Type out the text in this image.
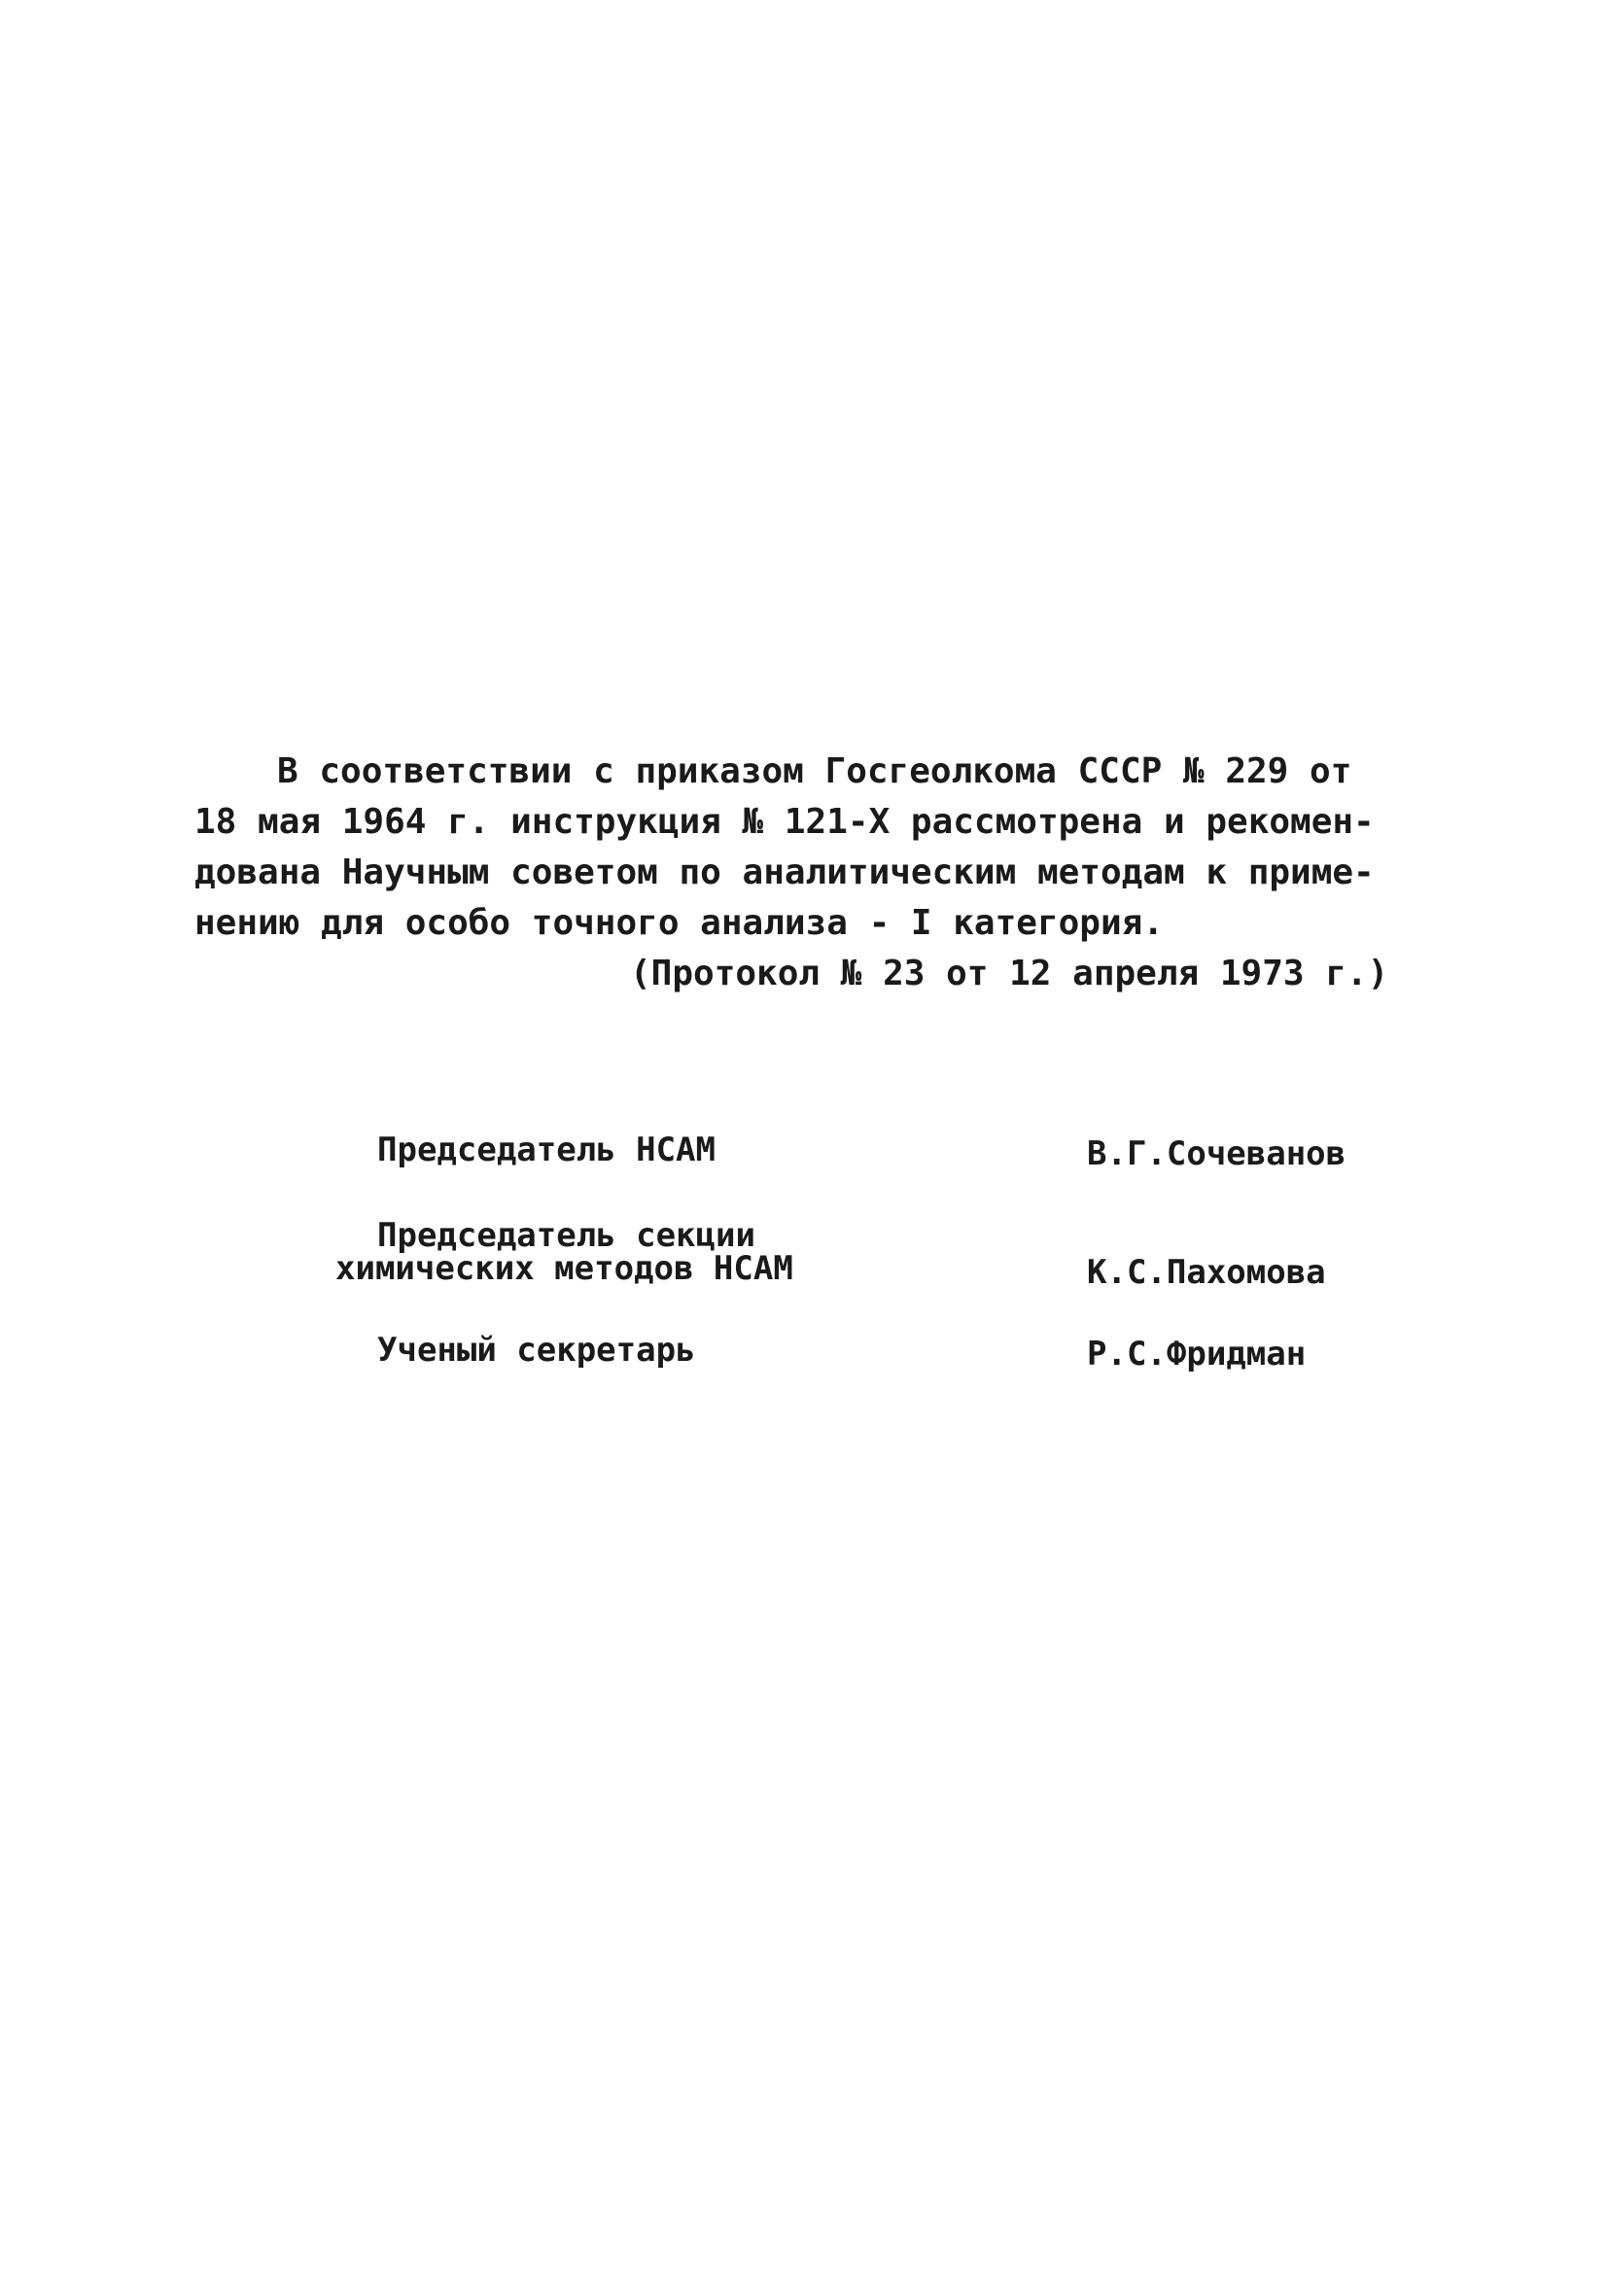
В соответствии с приказом Госгеолкома СССР № 229 от
18 мая 1964 г. инструкция № 121-Х рассмотрена и рекомен-
дована Научным советом по аналитическим методам к приме-
нению для особо точного анализа - I категория.
(Протокол № 23 от 12 апреля 1973 г.)
Председатель НСАМ	В.Г.Сочеванов
Председатель секции
химических методов НСАМ	К.С.Пахомова
Ученый секретарь	Р.С.Фридман
